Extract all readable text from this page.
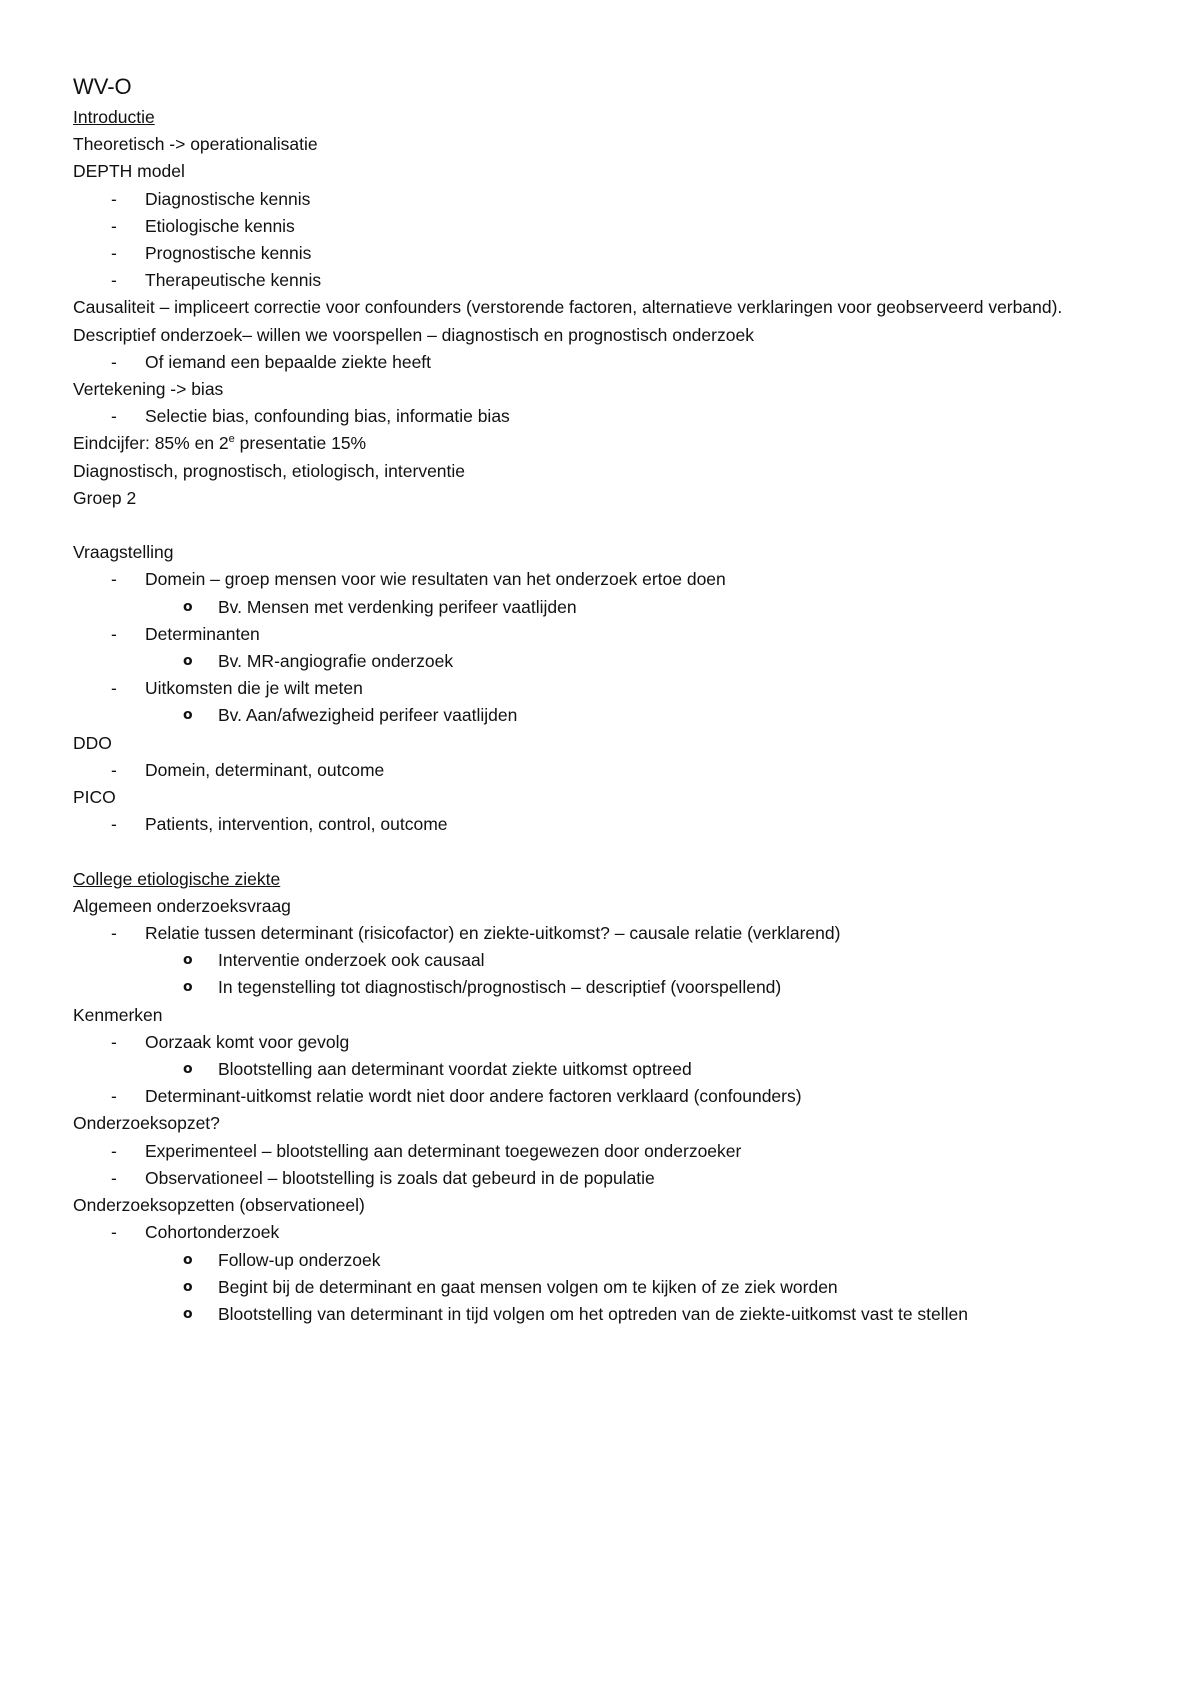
WV-O
Introductie
Theoretisch -> operationalisatie
DEPTH model
- Diagnostische kennis
- Etiologische kennis
- Prognostische kennis
- Therapeutische kennis
Causaliteit – impliceert correctie voor confounders (verstorende factoren, alternatieve verklaringen voor geobserveerd verband).
Descriptief onderzoek– willen we voorspellen – diagnostisch en prognostisch onderzoek
- Of iemand een bepaalde ziekte heeft
Vertekening -> bias
- Selectie bias, confounding bias, informatie bias
Eindcijfer: 85% en 2e presentatie 15%
Diagnostisch, prognostisch, etiologisch, interventie
Groep 2
Vraagstelling
- Domein – groep mensen voor wie resultaten van het onderzoek ertoe doen
o Bv. Mensen met verdenking perifeer vaatlijden
- Determinanten
o Bv. MR-angiografie onderzoek
- Uitkomsten die je wilt meten
o Bv. Aan/afwezigheid perifeer vaatlijden
DDO
- Domein, determinant, outcome
PICO
- Patients, intervention, control, outcome
College etiologische ziekte
Algemeen onderzoeksvraag
- Relatie tussen determinant (risicofactor) en ziekte-uitkomst? – causale relatie (verklarend)
o Interventie onderzoek ook causaal
o In tegenstelling tot diagnostisch/prognostisch – descriptief (voorspellend)
Kenmerken
- Oorzaak komt voor gevolg
o Blootstelling aan determinant voordat ziekte uitkomst optreed
- Determinant-uitkomst relatie wordt niet door andere factoren verklaard (confounders)
Onderzoeksopzet?
- Experimenteel – blootstelling aan determinant toegewezen door onderzoeker
- Observationeel – blootstelling is zoals dat gebeurd in de populatie
Onderzoeksopzetten (observationeel)
- Cohortonderzoek
o Follow-up onderzoek
o Begint bij de determinant en gaat mensen volgen om te kijken of ze ziek worden
o Blootstelling van determinant in tijd volgen om het optreden van de ziekte-uitkomst vast te stellen
